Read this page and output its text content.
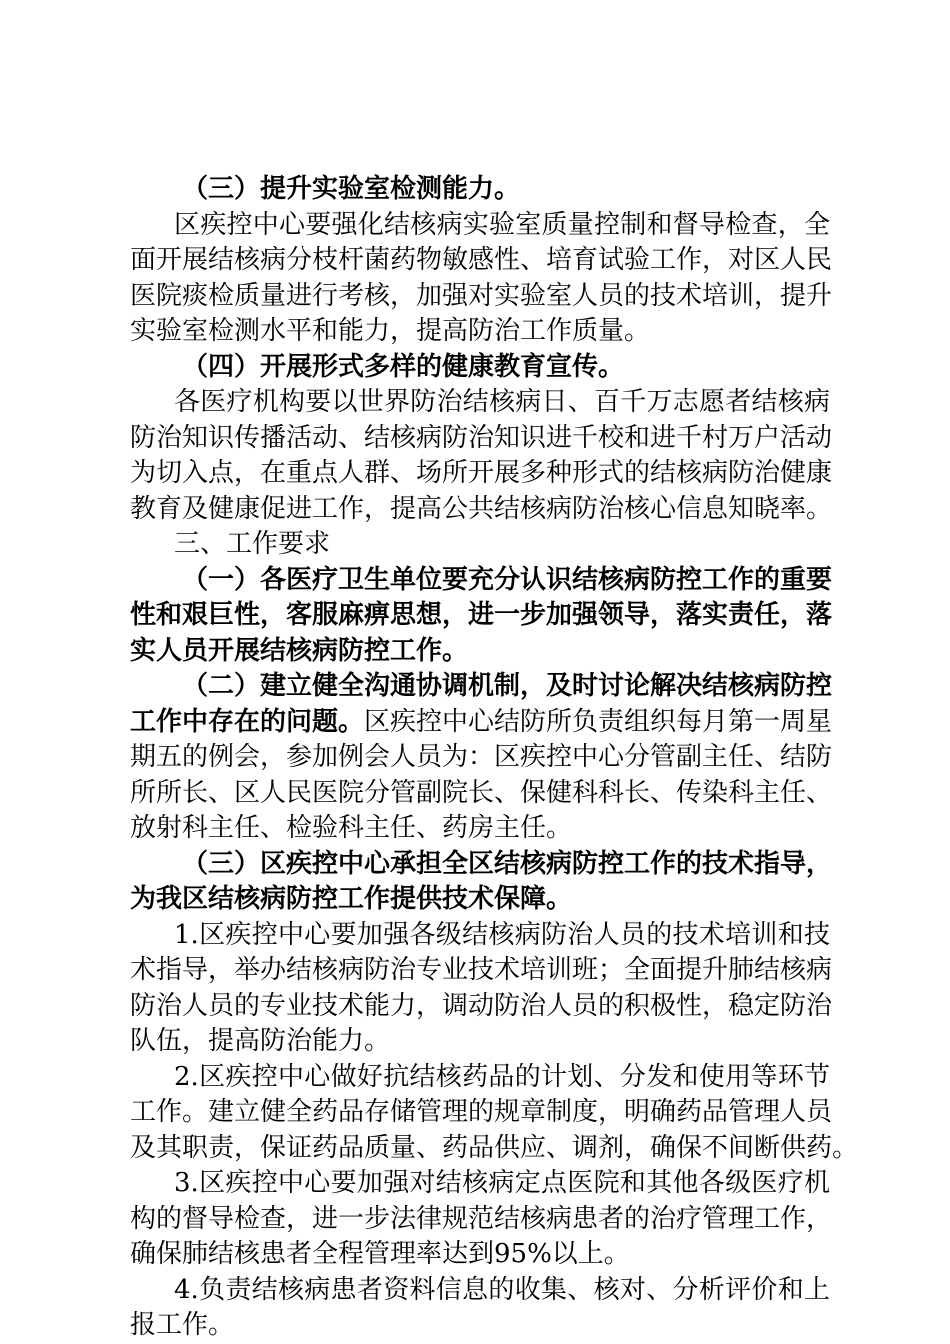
（三）提升实验室检测能力。
区疾控中心要强化结核病实验室质量控制和督导检查，全
面开展结核病分枝杆菌药物敏感性、培育试验工作，对区人民
医院痰检质量进行考核，加强对实验室人员的技术培训，提升
实验室检测水平和能力，提高防治工作质量。
（四）开展形式多样的健康教育宣传。
各医疗机构要以世界防治结核病日、百千万志愿者结核病
防治知识传播活动、结核病防治知识进千校和进千村万户活动
为切入点，在重点人群、场所开展多种形式的结核病防治健康
教育及健康促进工作，提高公共结核病防治核心信息知晓率。
三、工作要求
（一）各医疗卫生单位要充分认识结核病防控工作的重要
性和艰巨性，客服麻痹思想，进一步加强领导，落实责任，落
实人员开展结核病防控工作。
（二）建立健全沟通协调机制，及时讨论解决结核病防控
工作中存在的问题。区疾控中心结防所负责组织每月第一周星
期五的例会，参加例会人员为：区疾控中心分管副主任、结防
所所长、区人民医院分管副院长、保健科科长、传染科主任、
放射科主任、检验科主任、药房主任。
（三）区疾控中心承担全区结核病防控工作的技术指导，
为我区结核病防控工作提供技术保障。
1.区疾控中心要加强各级结核病防治人员的技术培训和技
术指导，举办结核病防治专业技术培训班；全面提升肺结核病
防治人员的专业技术能力，调动防治人员的积极性，稳定防治
队伍，提高防治能力。
2.区疾控中心做好抗结核药品的计划、分发和使用等环节
工作。建立健全药品存储管理的规章制度，明确药品管理人员
及其职责，保证药品质量、药品供应、调剂，确保不间断供药。
3.区疾控中心要加强对结核病定点医院和其他各级医疗机
构的督导检查，进一步法律规范结核病患者的治疗管理工作，
确保肺结核患者全程管理率达到95%以上。
4.负责结核病患者资料信息的收集、核对、分析评价和上
报工作。
